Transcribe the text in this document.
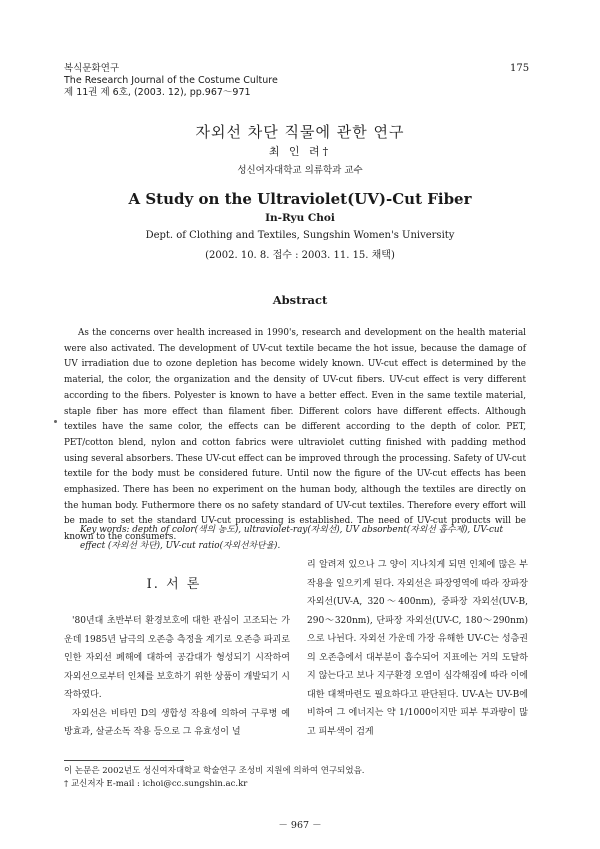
복식문화연구
The Research Journal of the Costume Culture
제 11권 제 6호, (2003. 12), pp.967～971
175
자외선 차단 직물에 관한 연구
최 인 려†
성신여자대학교 의류학과 교수
A Study on the Ultraviolet(UV)-Cut Fiber
In-Ryu Choi
Dept. of Clothing and Textiles, Sungshin Women's University
(2002. 10. 8. 접수 : 2003. 11. 15. 채택)
Abstract

As the concerns over health increased in 1990's, research and development on the health material were also activated. The development of UV-cut textile became the hot issue, because the damage of UV irradiation due to ozone depletion has become widely known. UV-cut effect is determined by the material, the color, the organization and the density of UV-cut fibers. UV-cut effect is very different according to the fibers. Polyester is known to have a better effect. Even in the same textile material, staple fiber has more effect than filament fiber. Different colors have different effects. Although textiles have the same color, the effects can be different according to the depth of color. PET, PET/cotton blend, nylon and cotton fabrics were ultraviolet cutting finished with padding method using several absorbers. These UV-cut effect can be improved through the processing. Safety of UV-cut textile for the body must be considered future. Until now the figure of the UV-cut effects has been emphasized. There has been no experiment on the human body, although the textiles are directly on the human body. Futhermore there os no safety standard of UV-cut textiles. Therefore every effort will be made to set the standard UV-cut processing is established. The need of UV-cut products will be known to the consumers.

Key words: depth of color(색의 농도), ultraviolet-ray(자외선), UV absorbent(자외선 흡수제), UV-cut effect (자외선 차단), UV-cut ratio(자외선차단율).
Ⅰ. 서 론

'80년대 초반부터 환경보호에 대한 관심이 고조되는 가운데 1985년 남극의 오존층 측정을 계기로 오존층 파괴로 인한 자외선 폐해에 대하여 공감대가 형성되기 시작하여 자외선으로부터 인체를 보호하기 위한 상품이 개발되기 시작하였다.

자외선은 비타민 D의 생합성 작용에 의하여 구루병 예방효과, 살균소독 작용 등으로 그 유효성이 널

리 알려져 있으나 그 양이 지나치게 되면 인체에 많은 부작용을 일으키게 된다. 자외선은 파장영역에 따라 장파장 자외선(UV-A, 320～400nm), 중파장 자외선(UV-B, 290～320nm), 단파장 자외선(UV-C, 180～290nm)으로 나뉜다. 자외선 가운데 가장 유해한 UV-C는 성층권의 오존층에서 대부분이 흡수되어 지표에는 거의 도달하지 않는다고 보나 지구환경 오염이 심각해짐에 따라 이에 대한 대책마련도 필요하다고 판단된다. UV-A는 UV-B에 비하여 그 에너지는 약 1/1000이지만 피부 투과량이 많고 피부색이 검게

이 논문은 2002년도 성신여자대학교 학술연구 조성비 지원에 의하여 연구되었음.
† 교신저자 E-mail : ichoi@cc.sungshin.ac.kr
－ 967 －
